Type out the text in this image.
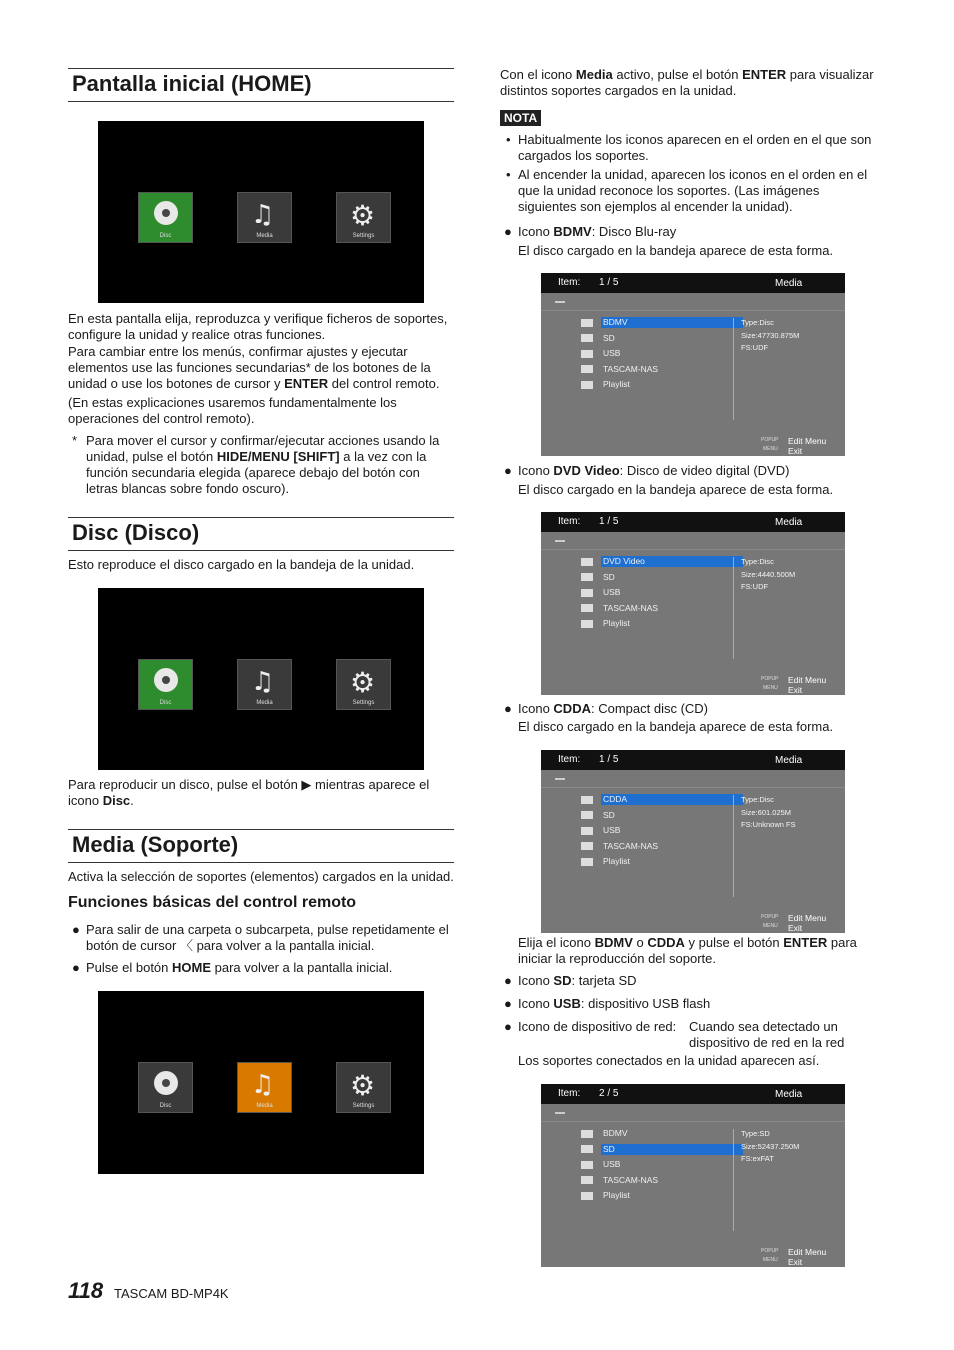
Pantalla inicial (HOME)
Disc
♫
Media
⚙
Settings
En esta pantalla elija, reproduzca y verifique ficheros de soportes, configure la unidad y realice otras funciones.
Para cambiar entre los menús, confirmar ajustes y ejecutar elementos use las funciones secundarias* de los botones de la unidad o use los botones de cursor y ENTER del control remoto.
(En estas explicaciones usaremos fundamentalmente los operaciones del control remoto).
* Para mover el cursor y confirmar/ejecutar acciones usando la unidad, pulse el botón HIDE/MENU [SHIFT] a la vez con la función secundaria elegida (aparece debajo del botón con letras blancas sobre fondo oscuro).
Disc (Disco)
Esto reproduce el disco cargado en la bandeja de la unidad.
Disc
♫
Media
⚙
Settings
Para reproducir un disco, pulse el botón ▶ mientras aparece el icono Disc.
Media (Soporte)
Activa la selección de soportes (elementos) cargados en la unidad.
Funciones básicas del control remoto
● Para salir de una carpeta o subcarpeta, pulse repetidamente el botón de cursor 〈 para volver a la pantalla inicial.
● Pulse el botón HOME para volver a la pantalla inicial.
Disc
♫
Media
⚙
Settings
Con el icono Media activo, pulse el botón ENTER para visualizar distintos soportes cargados en la unidad.
NOTA
• Habitualmente los iconos aparecen en el orden en el que son cargados los soportes.
• Al encender la unidad, aparecen los iconos en el orden en el que la unidad reconoce los soportes. (Las imágenes siguientes son ejemplos al encender la unidad).
● Icono BDMV: Disco Blu-ray
El disco cargado en la bandeja aparece de esta forma.
Item: 1 / 5	Media
BDMV
SD
USB
TASCAM-NAS
Playlist
Type:Disc
Size:47730.875M
FS:UDF
POPUP
MENU
Edit Menu
Exit
● Icono DVD Video: Disco de video digital (DVD)
El disco cargado en la bandeja aparece de esta forma.
Item: 1 / 5	Media
DVD Video
SD
USB
TASCAM-NAS
Playlist
Type:Disc
Size:4440.500M
FS:UDF
POPUP
MENU
Edit Menu
Exit
● Icono CDDA: Compact disc (CD)
El disco cargado en la bandeja aparece de esta forma.
Item: 1 / 5	Media
CDDA
SD
USB
TASCAM-NAS
Playlist
Type:Disc
Size:601.025M
FS:Unknown FS
POPUP
MENU
Edit Menu
Exit
Elija el icono BDMV o CDDA y pulse el botón ENTER para iniciar la reproducción del soporte.
● Icono SD: tarjeta SD
● Icono USB: dispositivo USB flash
● Icono de dispositivo de red: Cuando sea detectado un dispositivo de red en la red
Los soportes conectados en la unidad aparecen así.
Item: 2 / 5	Media
BDMV
SD
USB
TASCAM-NAS
Playlist
Type:SD
Size:52437.250M
FS:exFAT
POPUP
MENU
Edit Menu
Exit
118 TASCAM BD-MP4K
